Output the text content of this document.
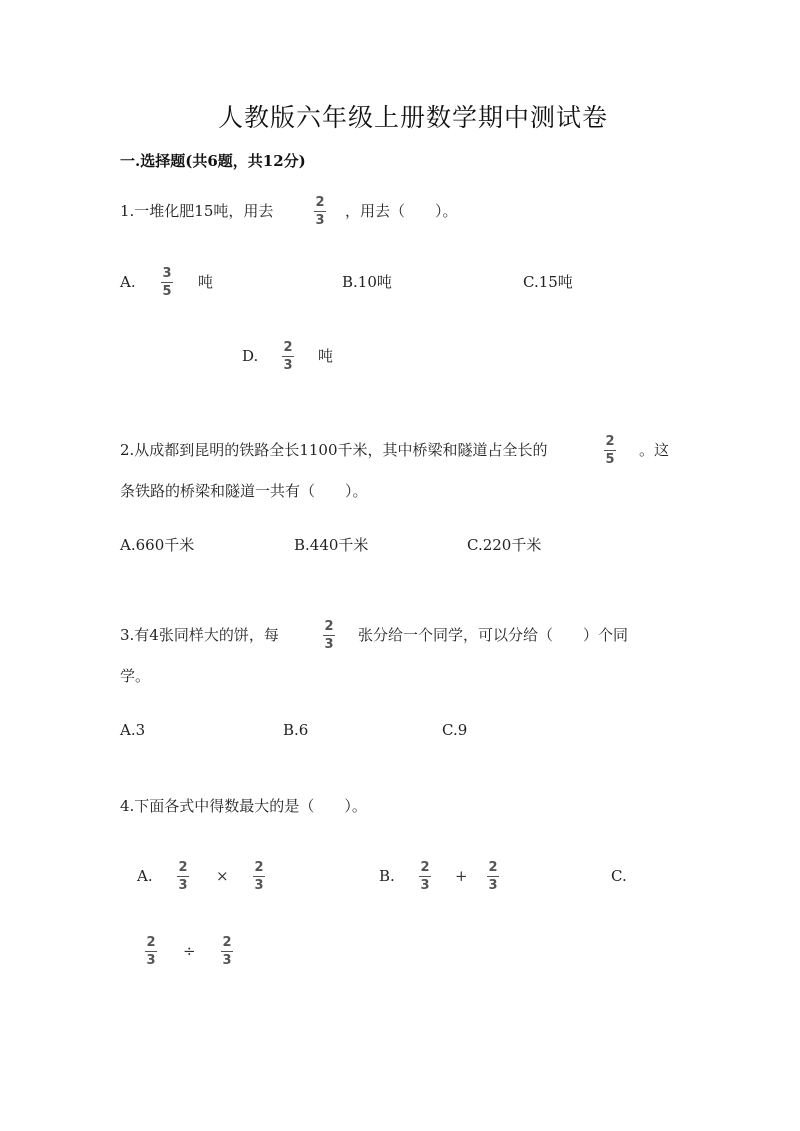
人教版六年级上册数学期中测试卷
一.选择题(共6题，共12分)
1.一堆化肥15吨，用去	2
3
，用去（　　）。
A. 3
5
吨	B.10吨	C.15吨
D. 2
3
吨
2.从成都到昆明的铁路全长1100千米，其中桥梁和隧道占全长的	2
5
。这
条铁路的桥梁和隧道一共有（　　）。
A.660千米	B.440千米	C.220千米
3.有4张同样大的饼，每	2
3
张分给一个同学，可以分给（　　）个同
学。
A.3	B.6	C.9
4.下面各式中得数最大的是（　　）。
A. 2
3
× 2
3
B. 2
3
+ 2
3
C.
2
3
÷ 2
3
